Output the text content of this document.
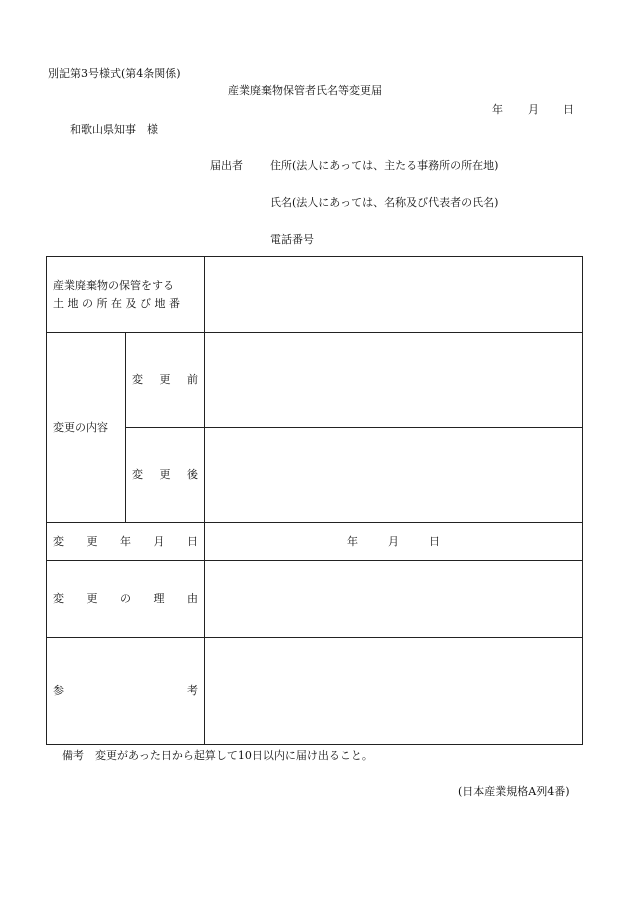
別記第3号様式(第4条関係)
産業廃棄物保管者氏名等変更届
年 月 日
和歌山県知事　様
届出者 住所(法人にあっては、主たる事務所の所在地)
氏名(法人にあっては、名称及び代表者の氏名)
電話番号
産業廃棄物の保管をする
土 地 の 所 在 及 び 地 番		

変更の内容	変 更 前	

	変 更 後	

変 更 年 月 日		年 月 日

変 更 の 理 由		

参 考		

備考　変更があった日から起算して10日以内に届け出ること。
(日本産業規格A列4番)
